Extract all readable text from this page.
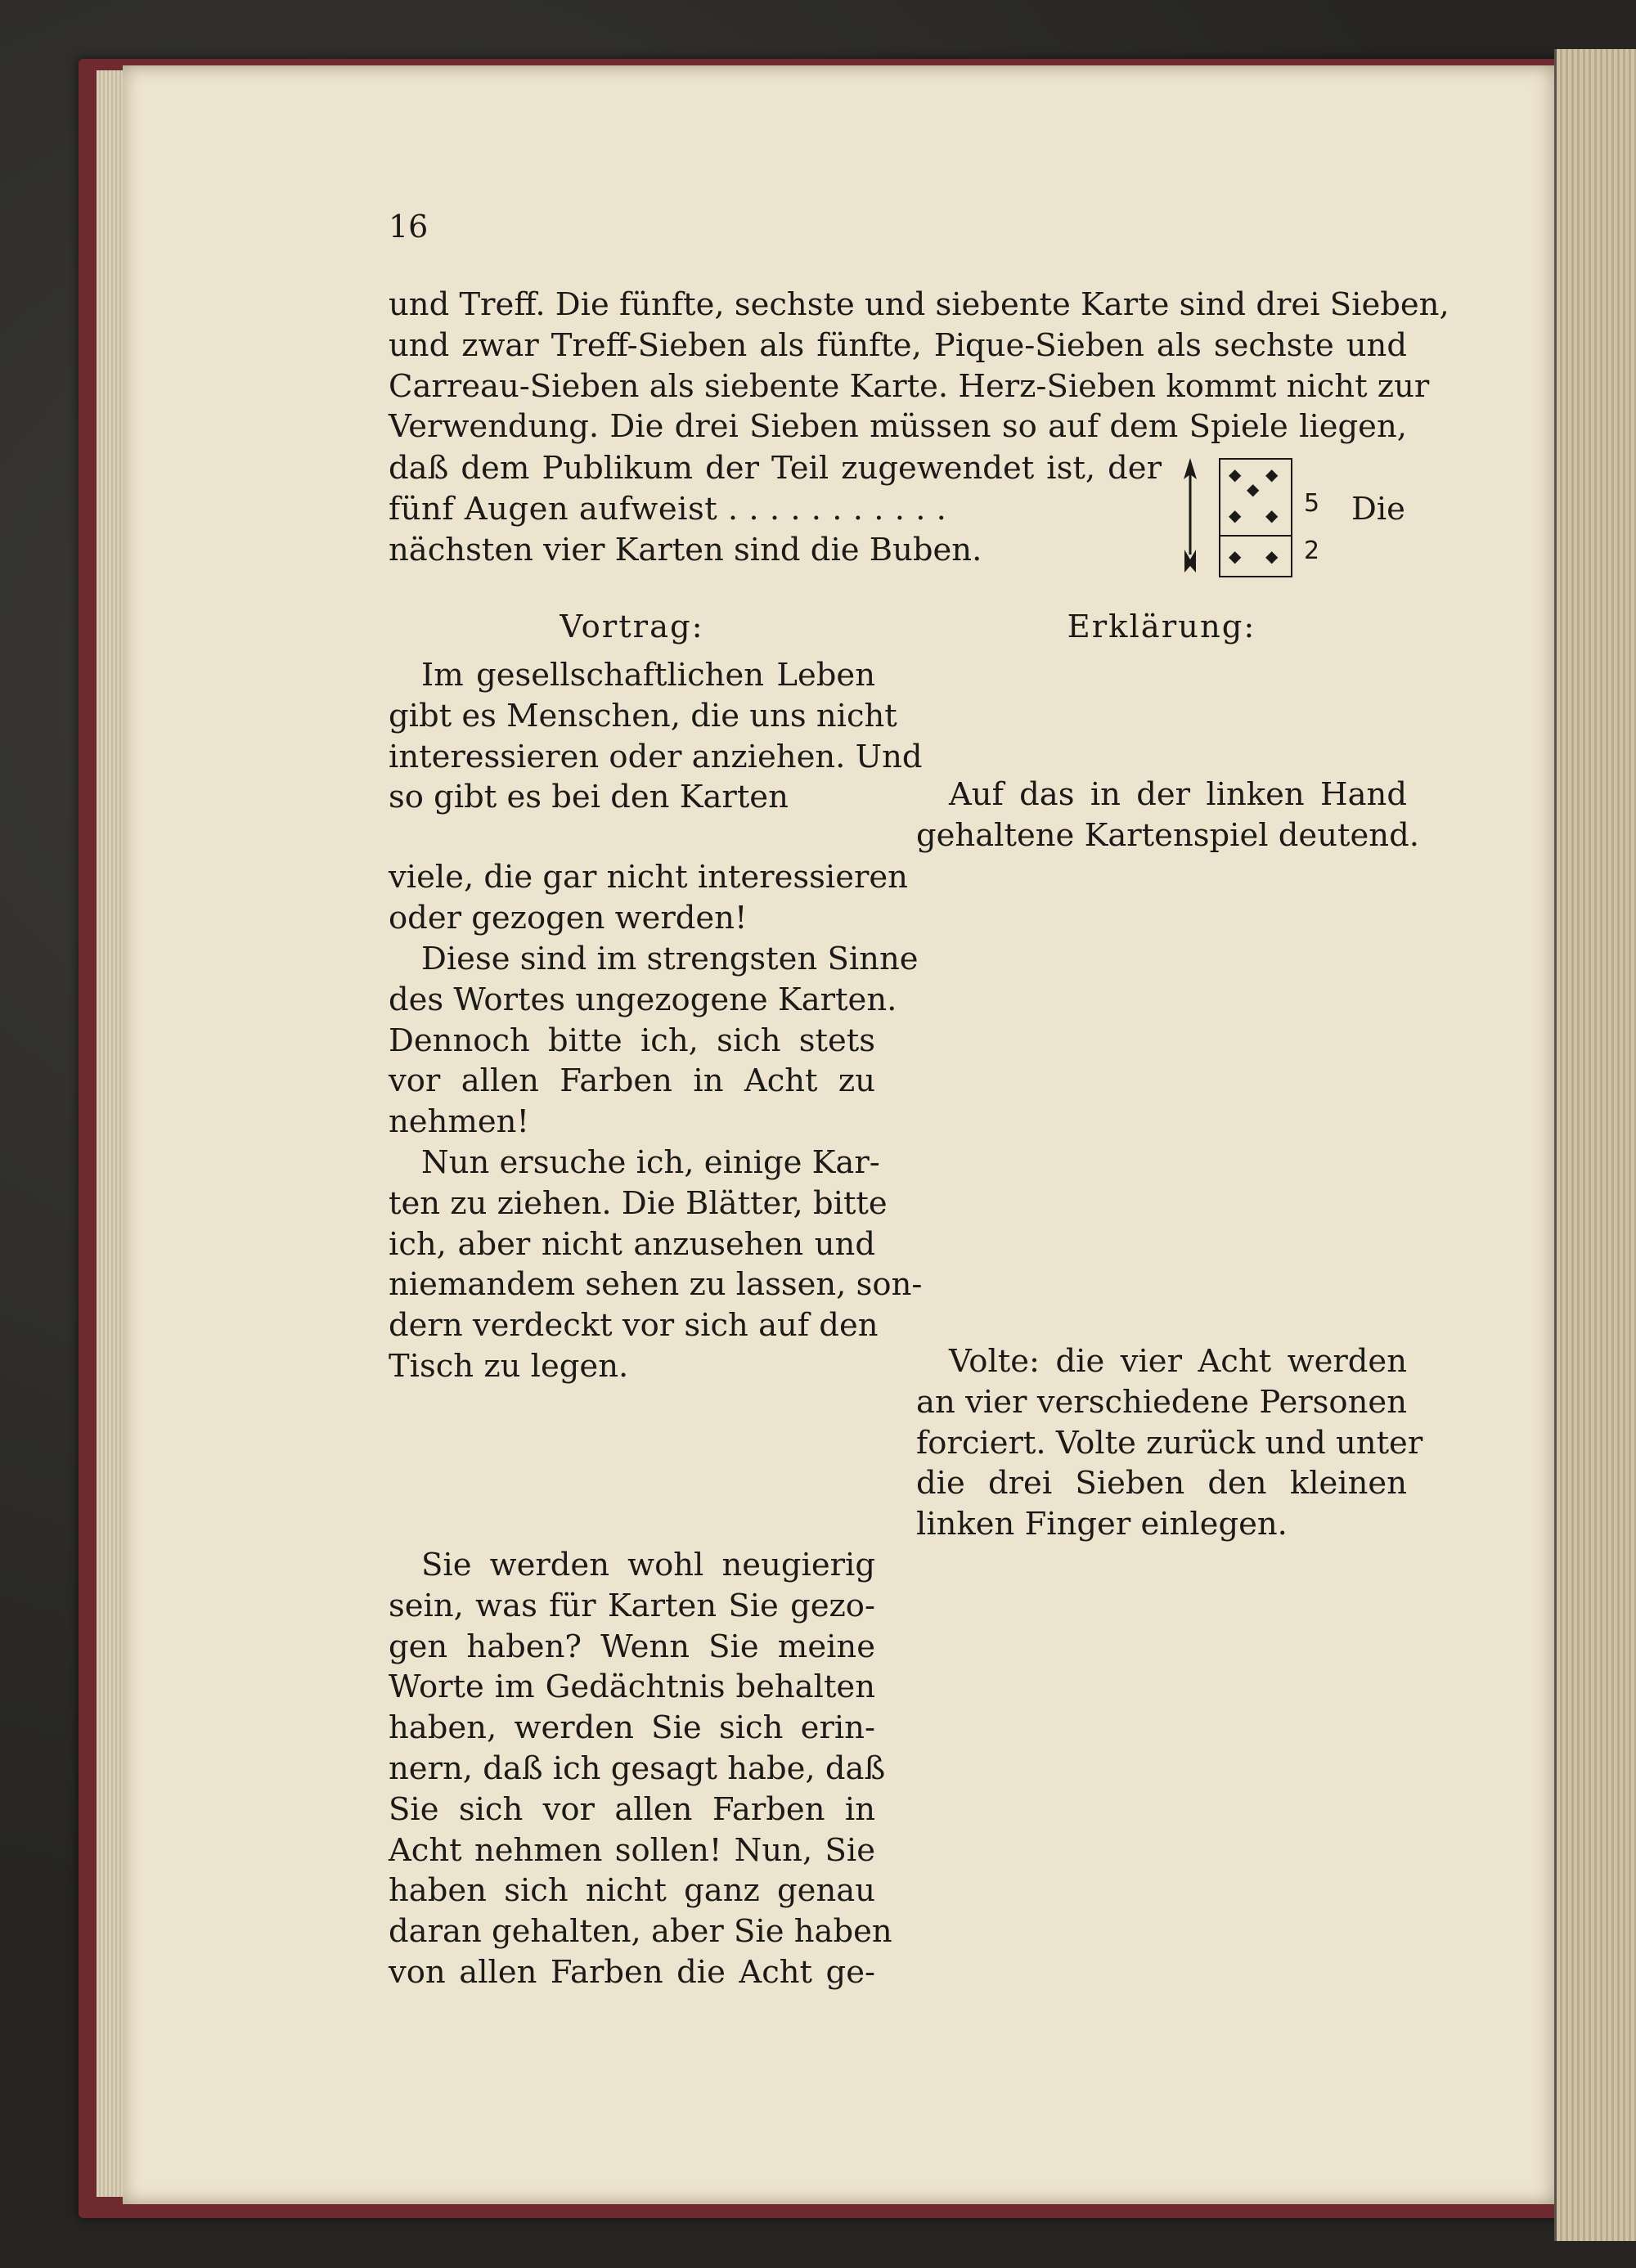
16
und Treff. Die fünfte, sechste und siebente Karte sind drei Sieben,
und zwar Treff-Sieben als fünfte, Pique-Sieben als sechste und
Carreau-Sieben als siebente Karte. Herz-Sieben kommt nicht zur
Verwendung. Die drei Sieben müssen so auf dem Spiele liegen,
daß dem Publikum der Teil zugewendet ist, der
fünf Augen aufweist . . . . . . . . . . .
nächsten vier Karten sind die Buben.
◆ ◆
◆
◆ ◆
◆ ◆
5
2
Die
Vortrag:	Erklärung:
Im gesellschaftlichen Leben
gibt es Menschen, die uns nicht
interessieren oder anziehen. Und
so gibt es bei den Karten
viele, die gar nicht interessieren
oder gezogen werden!
Diese sind im strengsten Sinne
des Wortes ungezogene Karten.
Dennoch bitte ich, sich stets
vor allen Farben in Acht zu
nehmen!
Nun ersuche ich, einige Kar-
ten zu ziehen. Die Blätter, bitte
ich, aber nicht anzusehen und
niemandem sehen zu lassen, son-
dern verdeckt vor sich auf den
Tisch zu legen.
Sie werden wohl neugierig
sein, was für Karten Sie gezo-
gen haben? Wenn Sie meine
Worte im Gedächtnis behalten
haben, werden Sie sich erin-
nern, daß ich gesagt habe, daß
Sie sich vor allen Farben in
Acht nehmen sollen! Nun, Sie
haben sich nicht ganz genau
daran gehalten, aber Sie haben
von allen Farben die Acht ge-
Auf das in der linken Hand
gehaltene Kartenspiel deutend.
Volte: die vier Acht werden
an vier verschiedene Personen
forciert. Volte zurück und unter
die drei Sieben den kleinen
linken Finger einlegen.
